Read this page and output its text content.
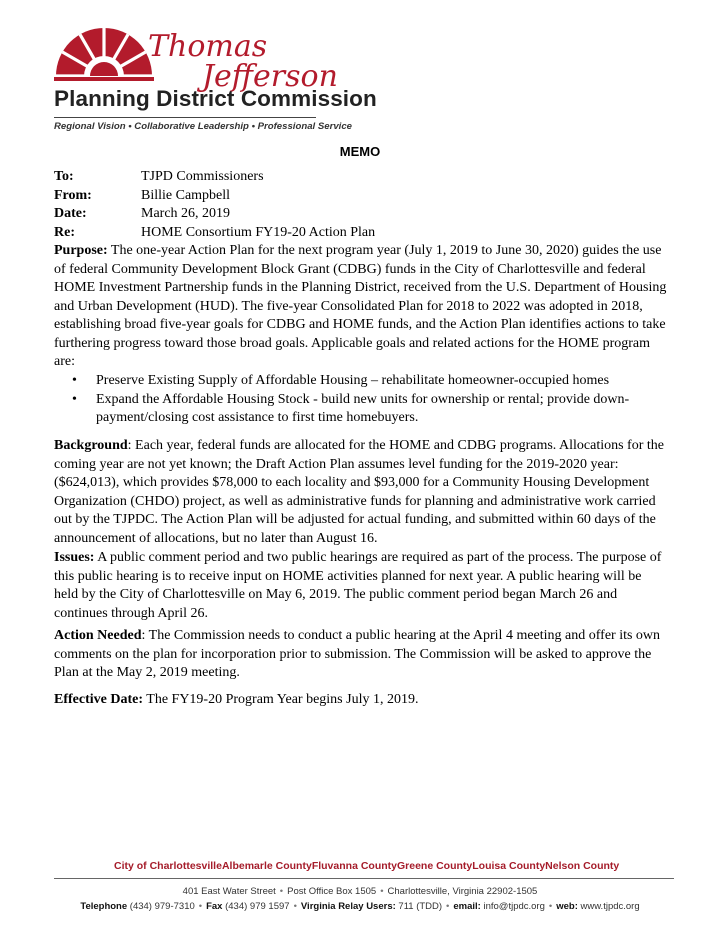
Thomas
Jefferson
Planning District Commission
Regional Vision • Collaborative Leadership • Professional Service
MEMO
To:	TJPD Commissioners
From:	Billie Campbell
Date:	March 26, 2019
Re:	HOME Consortium FY19-20 Action Plan

Purpose: The one-year Action Plan for the next program year (July 1, 2019 to June 30, 2020) guides the use of federal Community Development Block Grant (CDBG) funds in the City of Charlottesville and federal HOME Investment Partnership funds in the Planning District, received from the U.S. Department of Housing and Urban Development (HUD). The five-year Consolidated Plan for 2018 to 2022 was adopted in 2018, establishing broad five-year goals for CDBG and HOME funds, and the Action Plan identifies actions to take furthering progress toward those broad goals. Applicable goals and related actions for the HOME program are:

• Preserve Existing Supply of Affordable Housing – rehabilitate homeowner-occupied homes
• Expand the Affordable Housing Stock - build new units for ownership or rental; provide down-payment/closing cost assistance to first time homebuyers.

Background: Each year, federal funds are allocated for the HOME and CDBG programs. Allocations for the coming year are not yet known; the Draft Action Plan assumes level funding for the 2019-2020 year:($624,013), which provides $78,000 to each locality and $93,000 for a Community Housing Development Organization (CHDO) project, as well as administrative funds for planning and administrative work carried out by the TJPDC. The Action Plan will be adjusted for actual funding, and submitted within 60 days of the announcement of allocations, but no later than August 16.

Issues: A public comment period and two public hearings are required as part of the process. The purpose of this public hearing is to receive input on HOME activities planned for next year. A public hearing will be held by the City of Charlottesville on May 6, 2019. The public comment period began March 26 and continues through April 26.

Action Needed: The Commission needs to conduct a public hearing at the April 4 meeting and offer its own comments on the plan for incorporation prior to submission. The Commission will be asked to approve the Plan at the May 2, 2019 meeting.

Effective Date: The FY19-20 Program Year begins July 1, 2019.

City of Charlottesville Albemarle County Fluvanna County Greene County Louisa County Nelson County
401 East Water Street • Post Office Box 1505 • Charlottesville, Virginia 22902-1505
Telephone (434) 979-7310 • Fax (434) 979 1597 • Virginia Relay Users: 711 (TDD) • email: info@tjpdc.org • web: www.tjpdc.org
